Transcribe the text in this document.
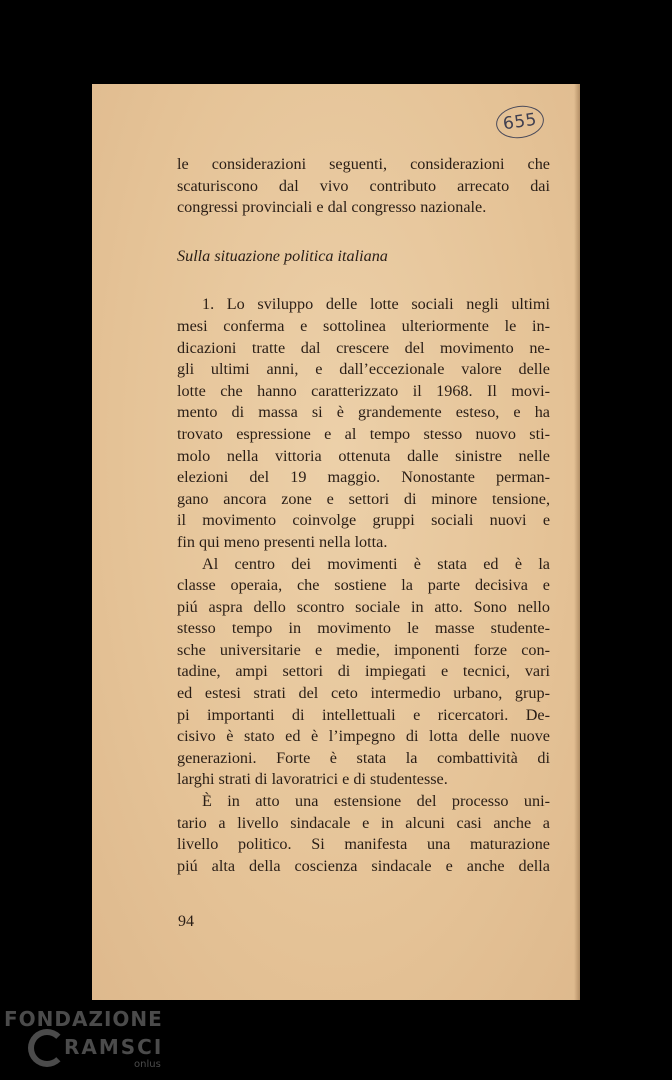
655
le considerazioni seguenti, considerazioni che
scaturiscono dal vivo contributo arrecato dai
congressi provinciali e dal congresso nazionale.
Sulla situazione politica italiana
1. Lo sviluppo delle lotte sociali negli ultimi
mesi conferma e sottolinea ulteriormente le in-
dicazioni tratte dal crescere del movimento ne-
gli ultimi anni, e dall’eccezionale valore delle
lotte che hanno caratterizzato il 1968. Il movi-
mento di massa si è grandemente esteso, e ha
trovato espressione e al tempo stesso nuovo sti-
molo nella vittoria ottenuta dalle sinistre nelle
elezioni del 19 maggio. Nonostante perman-
gano ancora zone e settori di minore tensione,
il movimento coinvolge gruppi sociali nuovi e
fin qui meno presenti nella lotta.
Al centro dei movimenti è stata ed è la
classe operaia, che sostiene la parte decisiva e
piú aspra dello scontro sociale in atto. Sono nello
stesso tempo in movimento le masse studente-
sche universitarie e medie, imponenti forze con-
tadine, ampi settori di impiegati e tecnici, vari
ed estesi strati del ceto intermedio urbano, grup-
pi importanti di intellettuali e ricercatori. De-
cisivo è stato ed è l’impegno di lotta delle nuove
generazioni. Forte è stata la combattività di
larghi strati di lavoratrici e di studentesse.
È in atto una estensione del processo uni-
tario a livello sindacale e in alcuni casi anche a
livello politico. Si manifesta una maturazione
piú alta della coscienza sindacale e anche della
94
FONDAZIONE
RAMSCI
onlus
